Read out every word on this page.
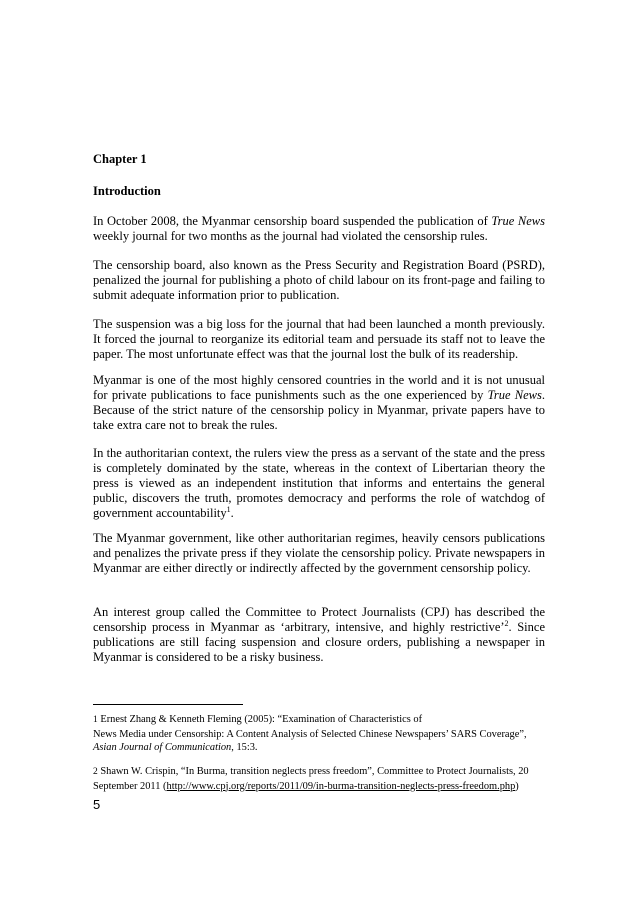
Chapter 1

Introduction

In October 2008, the Myanmar censorship board suspended the publication of True News weekly journal for two months as the journal had violated the censorship rules.

The censorship board, also known as the Press Security and Registration Board (PSRD), penalized the journal for publishing a photo of child labour on its front-page and failing to submit adequate information prior to publication.

The suspension was a big loss for the journal that had been launched a month previously. It forced the journal to reorganize its editorial team and persuade its staff not to leave the paper. The most unfortunate effect was that the journal lost the bulk of its readership.

Myanmar is one of the most highly censored countries in the world and it is not unusual for private publications to face punishments such as the one experienced by True News. Because of the strict nature of the censorship policy in Myanmar, private papers have to take extra care not to break the rules.

In the authoritarian context, the rulers view the press as a servant of the state and the press is completely dominated by the state, whereas in the context of Libertarian theory the press is viewed as an independent institution that informs and entertains the general public, discovers the truth, promotes democracy and performs the role of watchdog of government accountability$^1$.

The Myanmar government, like other authoritarian regimes, heavily censors publications and penalizes the private press if they violate the censorship policy. Private newspapers in Myanmar are either directly or indirectly affected by the government censorship policy.

An interest group called the Committee to Protect Journalists (CPJ) has described the censorship process in Myanmar as ‘arbitrary, intensive, and highly restrictive’$^2$. Since publications are still facing suspension and closure orders, publishing a newspaper in Myanmar is considered to be a risky business.

1 Ernest Zhang & Kenneth Fleming (2005): “Examination of Characteristics of
News Media under Censorship: A Content Analysis of Selected Chinese Newspapers’ SARS Coverage”,
Asian Journal of Communication, 15:3.

2 Shawn W. Crispin, “In Burma, transition neglects press freedom”, Committee to Protect Journalists, 20 September 2011 (http://www.cpj.org/reports/2011/09/in-burma-transition-neglects-press-freedom.php)

5
